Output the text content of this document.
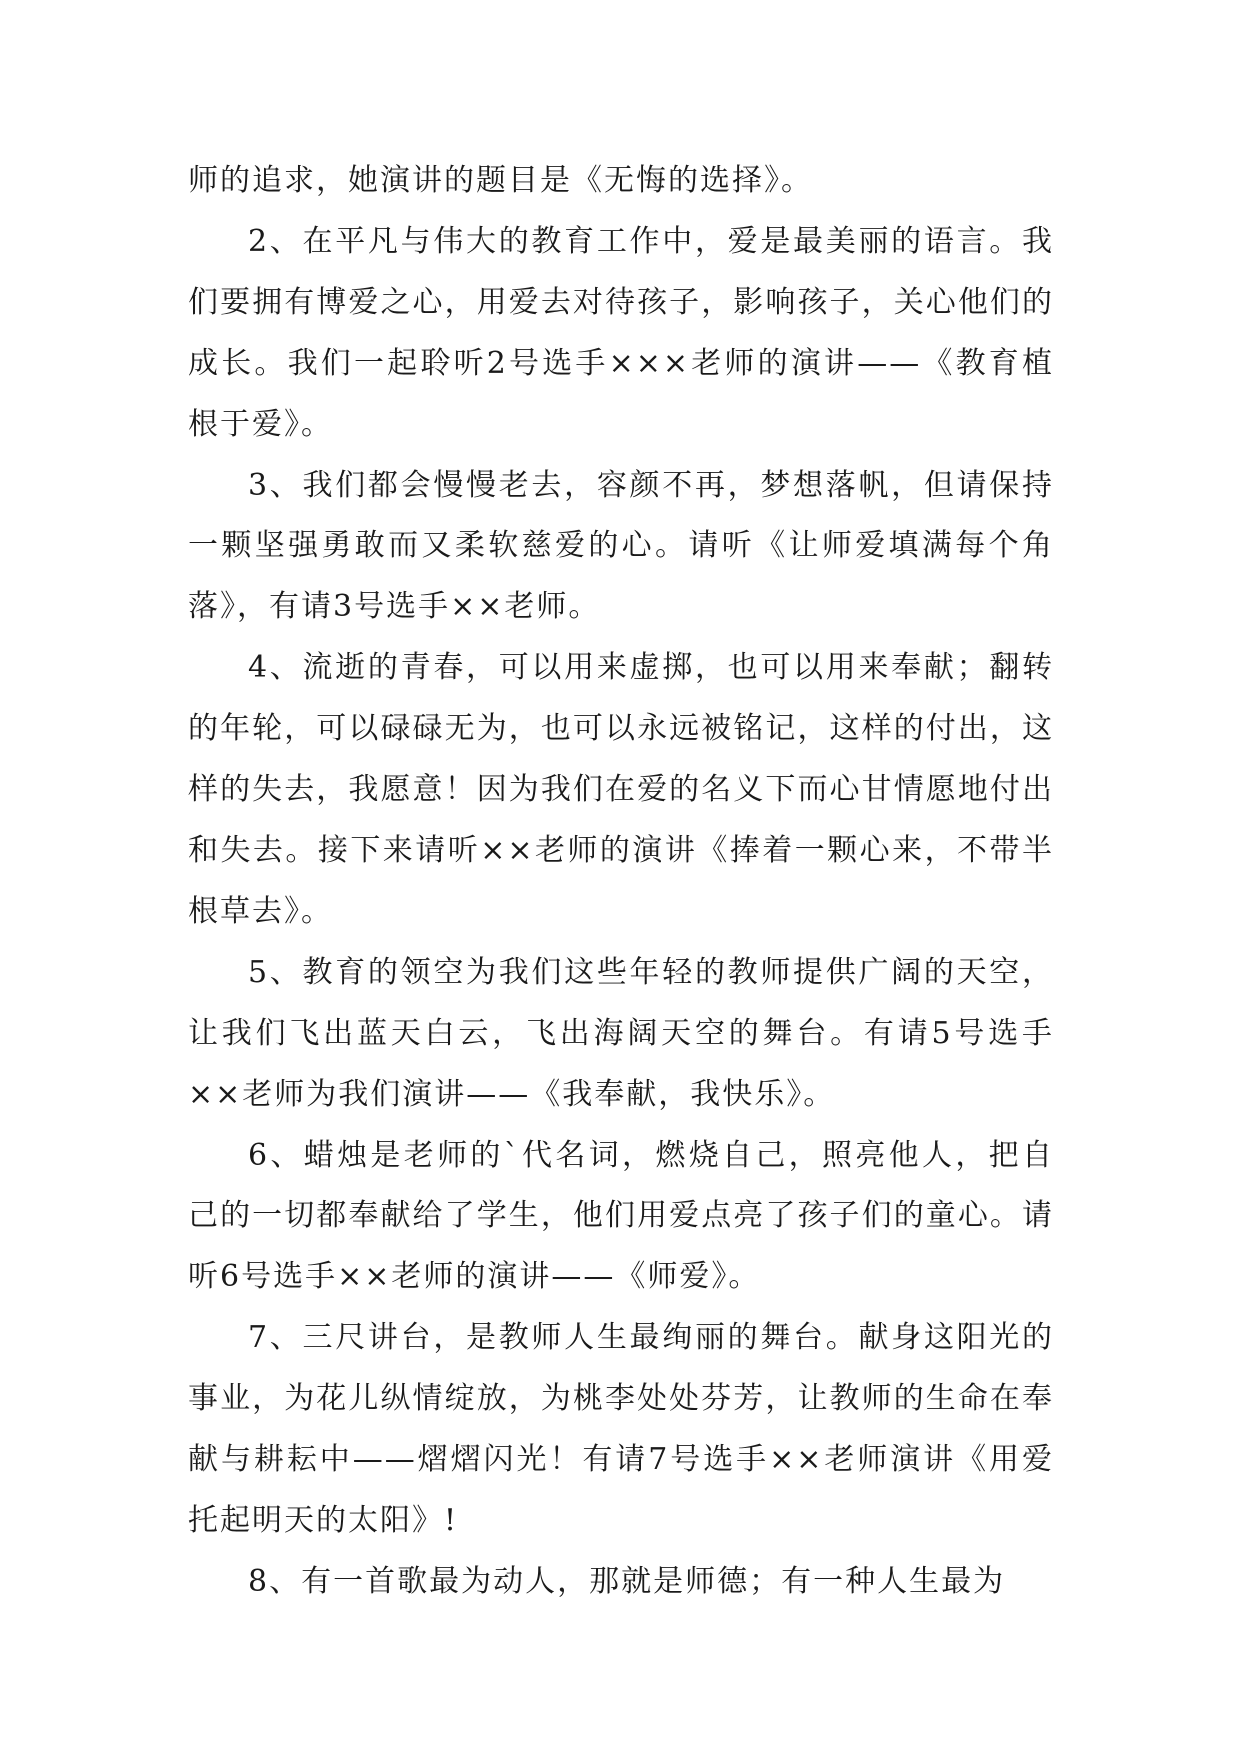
师的追求，她演讲的题目是《无悔的选择》。

2、在平凡与伟大的教育工作中，爱是最美丽的语言。我们要拥有博爱之心，用爱去对待孩子，影响孩子，关心他们的成长。我们一起聆听2号选手×××老师的演讲——《教育植根于爱》。

3、我们都会慢慢老去，容颜不再，梦想落帆，但请保持一颗坚强勇敢而又柔软慈爱的心。请听《让师爱填满每个角落》，有请3号选手××老师。

4、流逝的青春，可以用来虚掷，也可以用来奉献；翻转的年轮，可以碌碌无为，也可以永远被铭记，这样的付出，这样的失去，我愿意！因为我们在爱的名义下而心甘情愿地付出和失去。接下来请听××老师的演讲《捧着一颗心来，不带半根草去》。

5、教育的领空为我们这些年轻的教师提供广阔的天空，让我们飞出蓝天白云，飞出海阔天空的舞台。有请5号选手××老师为我们演讲——《我奉献，我快乐》。

6、蜡烛是老师的`代名词，燃烧自己，照亮他人，把自己的一切都奉献给了学生，他们用爱点亮了孩子们的童心。请听6号选手××老师的演讲——《师爱》。

7、三尺讲台，是教师人生最绚丽的舞台。献身这阳光的事业，为花儿纵情绽放，为桃李处处芬芳，让教师的生命在奉献与耕耘中——熠熠闪光！有请7号选手××老师演讲《用爱托起明天的太阳》!

8、有一首歌最为动人，那就是师德；有一种人生最为
